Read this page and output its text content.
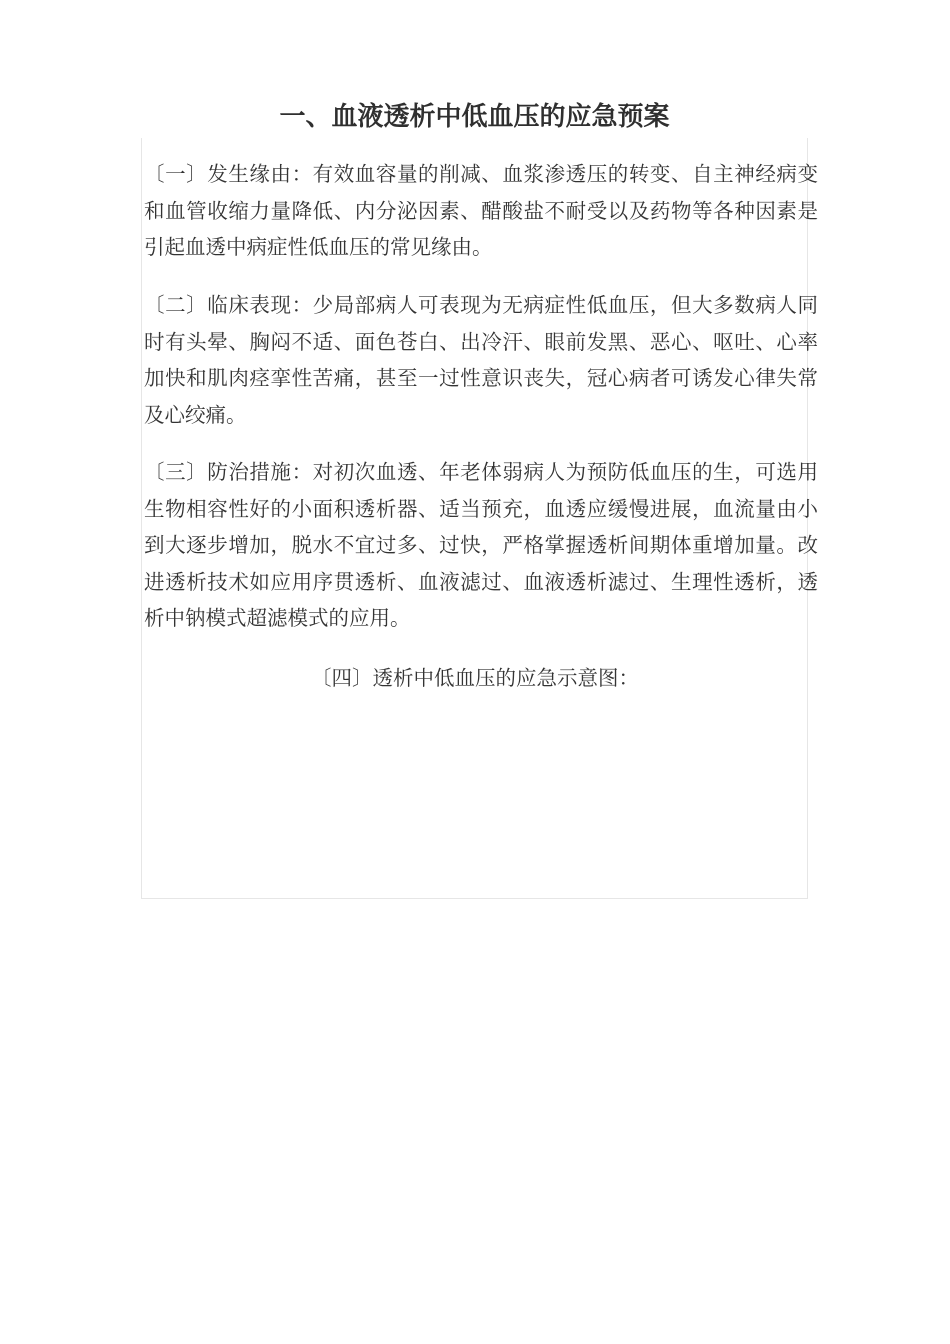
一、血液透析中低血压的应急预案

〔一〕发生缘由：有效血容量的削减、血浆渗透压的转变、自主神经病变和血管收缩力量降低、内分泌因素、醋酸盐不耐受以及药物等各种因素是引起血透中病症性低血压的常见缘由。

〔二〕临床表现：少局部病人可表现为无病症性低血压，但大多数病人同时有头晕、胸闷不适、面色苍白、出冷汗、眼前发黑、恶心、呕吐、心率加快和肌肉痉挛性苦痛，甚至一过性意识丧失，冠心病者可诱发心律失常及心绞痛。

〔三〕防治措施：对初次血透、年老体弱病人为预防低血压的生，可选用生物相容性好的小面积透析器、适当预充，血透应缓慢进展，血流量由小到大逐步增加，脱水不宜过多、过快，严格掌握透析间期体重增加量。改进透析技术如应用序贯透析、血液滤过、血液透析滤过、生理性透析，透析中钠模式超滤模式的应用。

〔四〕透析中低血压的应急示意图：
